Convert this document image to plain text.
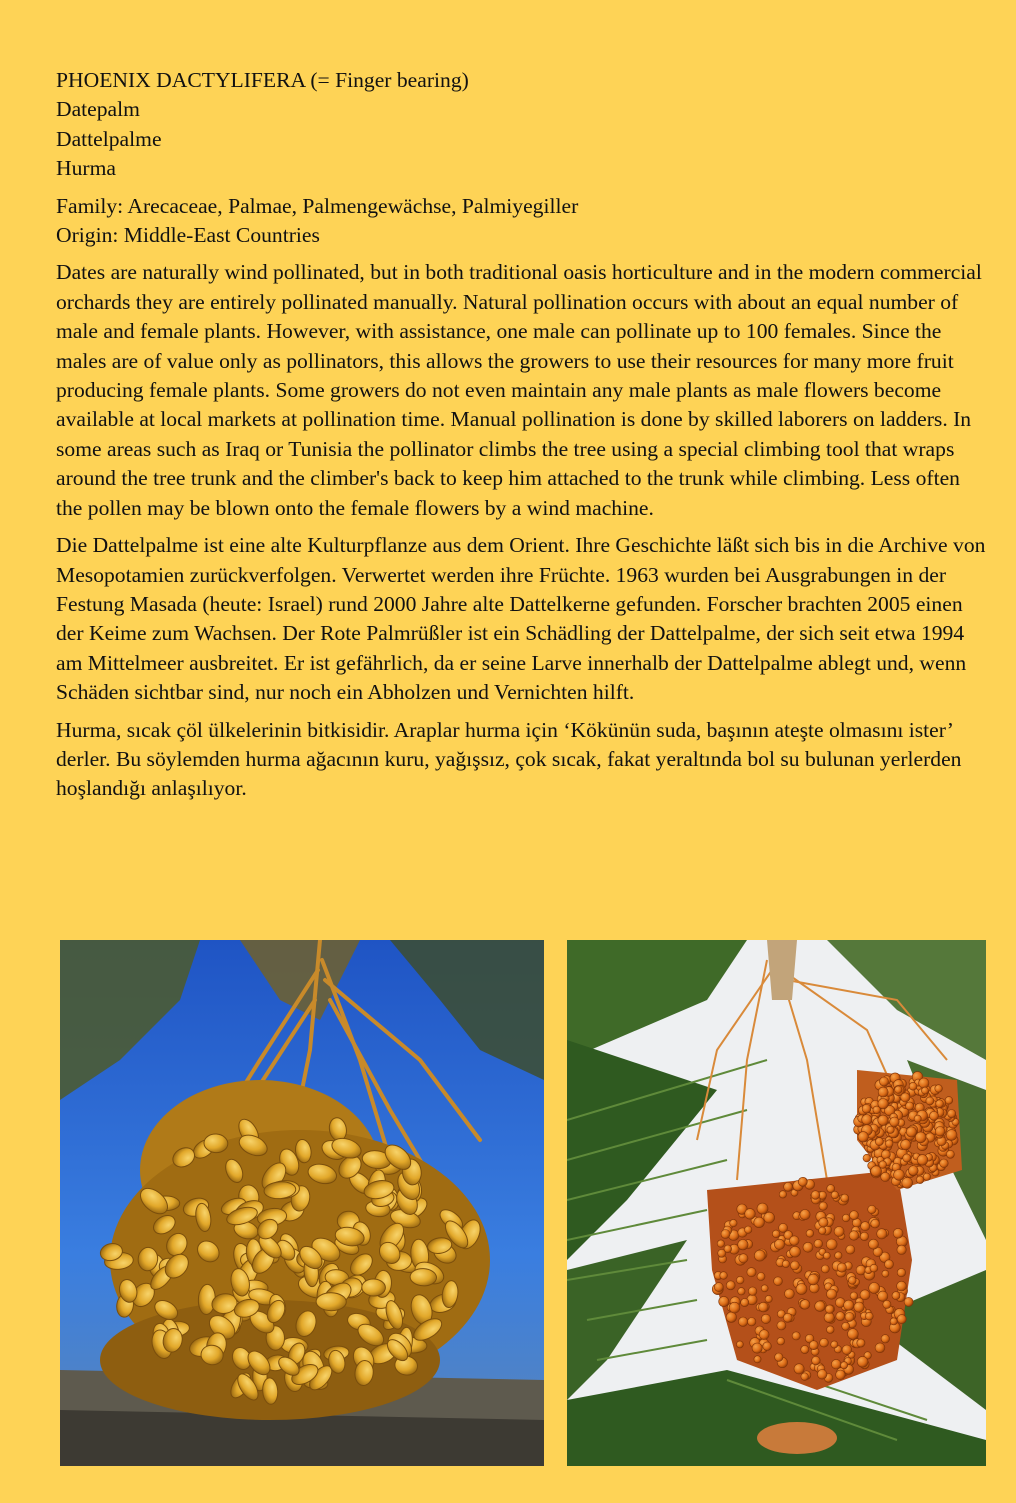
PHOENIX DACTYLIFERA (= Finger bearing)
Datepalm
Dattelpalme
Hurma
Family: Arecaceae, Palmae, Palmengewächse, Palmiyegiller
Origin: Middle-East Countries

Dates are naturally wind pollinated, but in both traditional oasis horticulture and in the modern commercial orchards they are entirely pollinated manually. Natural pollination occurs with about an equal number of male and female plants. However, with assistance, one male can pollinate up to 100 females. Since the males are of value only as pollinators, this allows the growers to use their resources for many more fruit producing female plants. Some growers do not even maintain any male plants as male flowers become available at local markets at pollination time. Manual pollination is done by skilled laborers on ladders. In some areas such as Iraq or Tunisia the pollinator climbs the tree using a special climbing tool that wraps around the tree trunk and the climber's back to keep him attached to the trunk while climbing. Less often the pollen may be blown onto the female flowers by a wind machine.

Die Dattelpalme ist eine alte Kulturpflanze aus dem Orient. Ihre Geschichte läßt sich bis in die Archive von Mesopotamien zurückverfolgen. Verwertet werden ihre Früchte. 1963 wurden bei Ausgrabungen in der Festung Masada (heute: Israel) rund 2000 Jahre alte Dattelkerne gefunden. Forscher brachten 2005 einen der Keime zum Wachsen. Der Rote Palmrüßler ist ein Schädling der Dattelpalme, der sich seit etwa 1994 am Mittelmeer ausbreitet. Er ist gefährlich, da er seine Larve innerhalb der Dattelpalme ablegt und, wenn Schäden sichtbar sind, nur noch ein Abholzen und Vernichten hilft.

Hurma, sıcak çöl ülkelerinin bitkisidir. Araplar hurma için ‘Kökünün suda, başının ateşte olmasını ister’ derler. Bu söylemden hurma ağacının kuru, yağışsız, çok sıcak, fakat yeraltında bol su bulunan yerlerden hoşlandığı anlaşılıyor.
